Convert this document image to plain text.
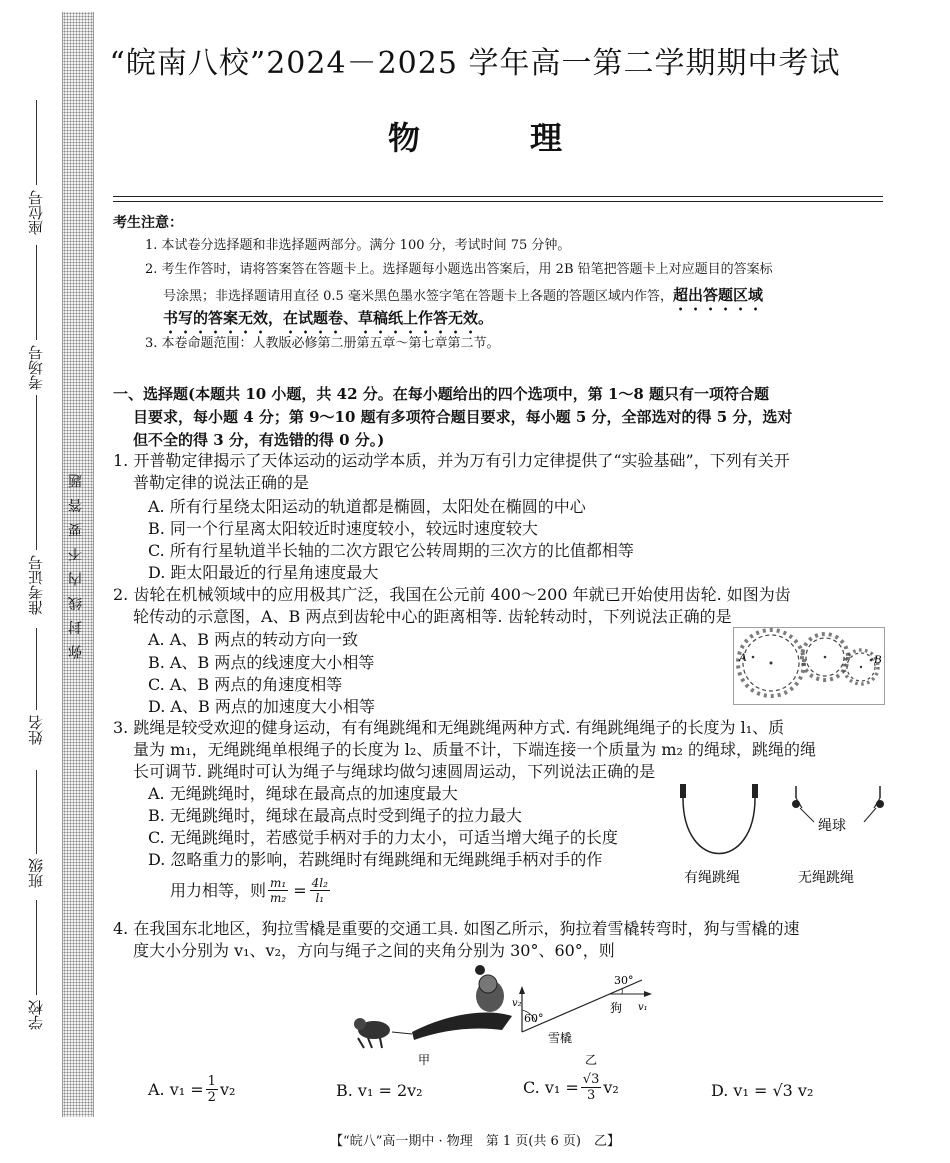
座位号
考场号
准考证号
姓名
班级
学校
弥 封 线 内 不 要 答 题
“皖南八校”2024－2025 学年高一第二学期期中考试
物	理
考生注意：
1. 本试卷分选择题和非选择题两部分。满分 100 分，考试时间 75 分钟。
2. 考生作答时，请将答案答在答题卡上。选择题每小题选出答案后，用 2B 铅笔把答题卡上对应题目的答案标
号涂黑；非选择题请用直径 0.5 毫米黑色墨水签字笔在答题卡上各题的答题区域内作答，超出答题区域
书写的答案无效，在试题卷、草稿纸上作答无效。
3. 本卷命题范围：人教版必修第二册第五章～第七章第二节。
一、选择题(本题共 10 小题，共 42 分。在每小题给出的四个选项中，第 1～8 题只有一项符合题
目要求，每小题 4 分；第 9～10 题有多项符合题目要求，每小题 5 分，全部选对的得 5 分，选对
但不全的得 3 分，有选错的得 0 分。)
1. 开普勒定律揭示了天体运动的运动学本质，并为万有引力定律提供了“实验基础”，下列有关开
普勒定律的说法正确的是
A. 所有行星绕太阳运动的轨道都是椭圆，太阳处在椭圆的中心
B. 同一个行星离太阳较近时速度较小，较远时速度较大
C. 所有行星轨道半长轴的二次方跟它公转周期的三次方的比值都相等
D. 距太阳最近的行星角速度最大
2. 齿轮在机械领域中的应用极其广泛，我国在公元前 400～200 年就已开始使用齿轮. 如图为齿
轮传动的示意图，A、B 两点到齿轮中心的距离相等. 齿轮转动时，下列说法正确的是
A. A、B 两点的转动方向一致
B. A、B 两点的线速度大小相等
C. A、B 两点的角速度相等
D. A、B 两点的加速度大小相等
A	B
3. 跳绳是较受欢迎的健身运动，有有绳跳绳和无绳跳绳两种方式. 有绳跳绳绳子的长度为 l₁、质
量为 m₁，无绳跳绳单根绳子的长度为 l₂、质量不计，下端连接一个质量为 m₂ 的绳球，跳绳的绳
长可调节. 跳绳时可认为绳子与绳球均做匀速圆周运动，下列说法正确的是
A. 无绳跳绳时，绳球在最高点的加速度最大
B. 无绳跳绳时，绳球在最高点时受到绳子的拉力最大
C. 无绳跳绳时，若感觉手柄对手的力太小，可适当增大绳子的长度
D. 忽略重力的影响，若跳绳时有绳跳绳和无绳跳绳手柄对手的作
用力相等，则 $\frac{\text{m₁}}{\text{m₂}} = \frac{\text{4l₂}}{\text{l₁}}$
绳球
有绳跳绳	无绳跳绳
4. 在我国东北地区，狗拉雪橇是重要的交通工具. 如图乙所示，狗拉着雪橇转弯时，狗与雪橇的速
度大小分别为 v₁、v₂，方向与绳子之间的夹角分别为 30°、60°，则
甲
30°
60°
狗
雪橇
v₁
v₂
乙
A. $v_1 = \frac{1}{2} v_2$	B. v₁ = 2v₂	C. $v_1 = \frac{√3}{3} v_2$	D. v₁ = √3 v₂
【“皖八”高一期中 · 物理　第 1 页(共 6 页)　乙】
